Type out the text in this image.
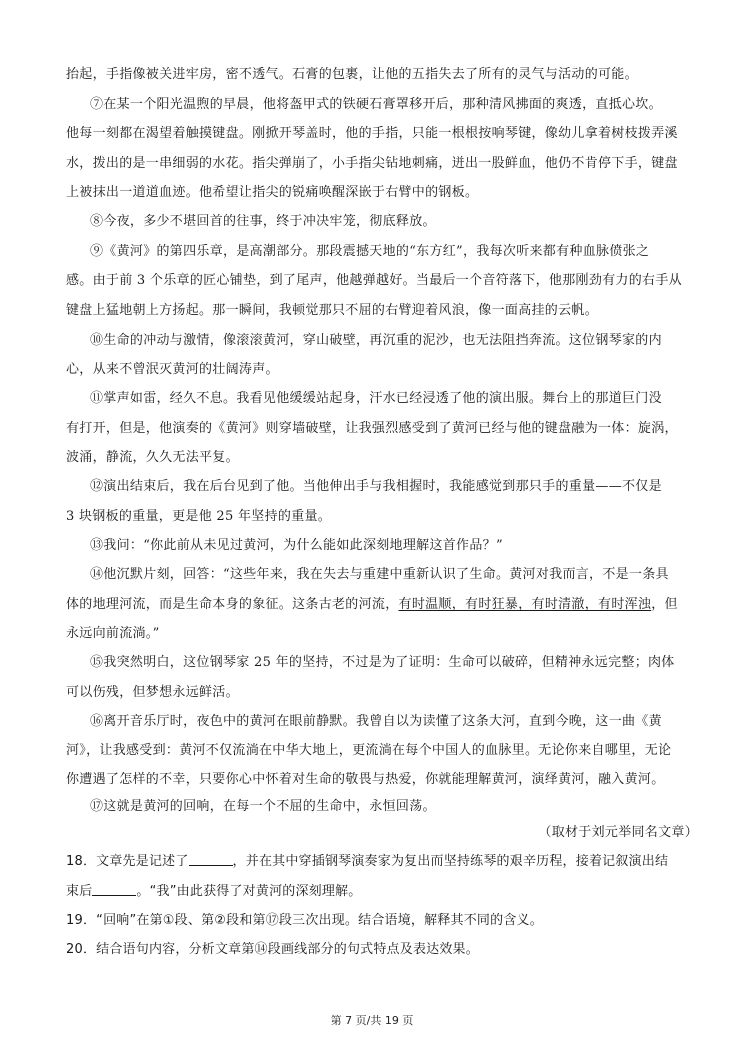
抬起，手指像被关进牢房，密不透气。石膏的包裹，让他的五指失去了所有的灵气与活动的可能。
⑦在某一个阳光温煦的早晨，他将盔甲式的铁硬石膏罩移开后，那种清风拂面的爽透，直抵心坎。
他每一刻都在渴望着触摸键盘。刚掀开琴盖时，他的手指，只能一根根按响琴键，像幼儿拿着树枝拨弄溪
水，拨出的是一串细弱的水花。指尖弹崩了，小手指尖钻地刺痛，迸出一股鲜血，他仍不肯停下手，键盘
上被抹出一道道血迹。他希望让指尖的锐痛唤醒深嵌于右臂中的钢板。
⑧今夜，多少不堪回首的往事，终于冲决牢笼，彻底释放。
⑨《黄河》的第四乐章，是高潮部分。那段震撼天地的“东方红”，我每次听来都有种血脉偾张之
感。由于前 3 个乐章的匠心铺垫，到了尾声，他越弹越好。当最后一个音符落下，他那刚劲有力的右手从
键盘上猛地朝上方扬起。那一瞬间，我顿觉那只不屈的右臂迎着风浪，像一面高挂的云帆。
⑩生命的冲动与激情，像滚滚黄河，穿山破壁，再沉重的泥沙，也无法阻挡奔流。这位钢琴家的内
心，从来不曾泯灭黄河的壮阔涛声。
⑪掌声如雷，经久不息。我看见他缓缓站起身，汗水已经浸透了他的演出服。舞台上的那道巨门没
有打开，但是，他演奏的《黄河》则穿墙破壁，让我强烈感受到了黄河已经与他的键盘融为一体：旋涡，
波涌，静流，久久无法平复。
⑫演出结束后，我在后台见到了他。当他伸出手与我相握时，我能感觉到那只手的重量——不仅是
3 块钢板的重量，更是他 25 年坚持的重量。
⑬我问：“你此前从未见过黄河，为什么能如此深刻地理解这首作品？”
⑭他沉默片刻，回答：“这些年来，我在失去与重建中重新认识了生命。黄河对我而言，不是一条具
体的地理河流，而是生命本身的象征。这条古老的河流，有时温顺，有时狂暴，有时清澈，有时浑浊，但
永远向前流淌。”
⑮我突然明白，这位钢琴家 25 年的坚持，不过是为了证明：生命可以破碎，但精神永远完整；肉体
可以伤残，但梦想永远鲜活。
⑯离开音乐厅时，夜色中的黄河在眼前静默。我曾自以为读懂了这条大河，直到今晚，这一曲《黄
河》，让我感受到：黄河不仅流淌在中华大地上，更流淌在每个中国人的血脉里。无论你来自哪里，无论
你遭遇了怎样的不幸，只要你心中怀着对生命的敬畏与热爱，你就能理解黄河，演绎黄河，融入黄河。
⑰这就是黄河的回响，在每一个不屈的生命中，永恒回荡。
（取材于刘元举同名文章）
18．文章先是记述了	，并在其中穿插钢琴演奏家为复出而坚持练琴的艰辛历程，接着记叙演出结
束后	。“我”由此获得了对黄河的深刻理解。
19．“回响”在第①段、第②段和第⑰段三次出现。结合语境，解释其不同的含义。
20．结合语句内容，分析文章第⑭段画线部分的句式特点及表达效果。
第 7 页/共 19 页
